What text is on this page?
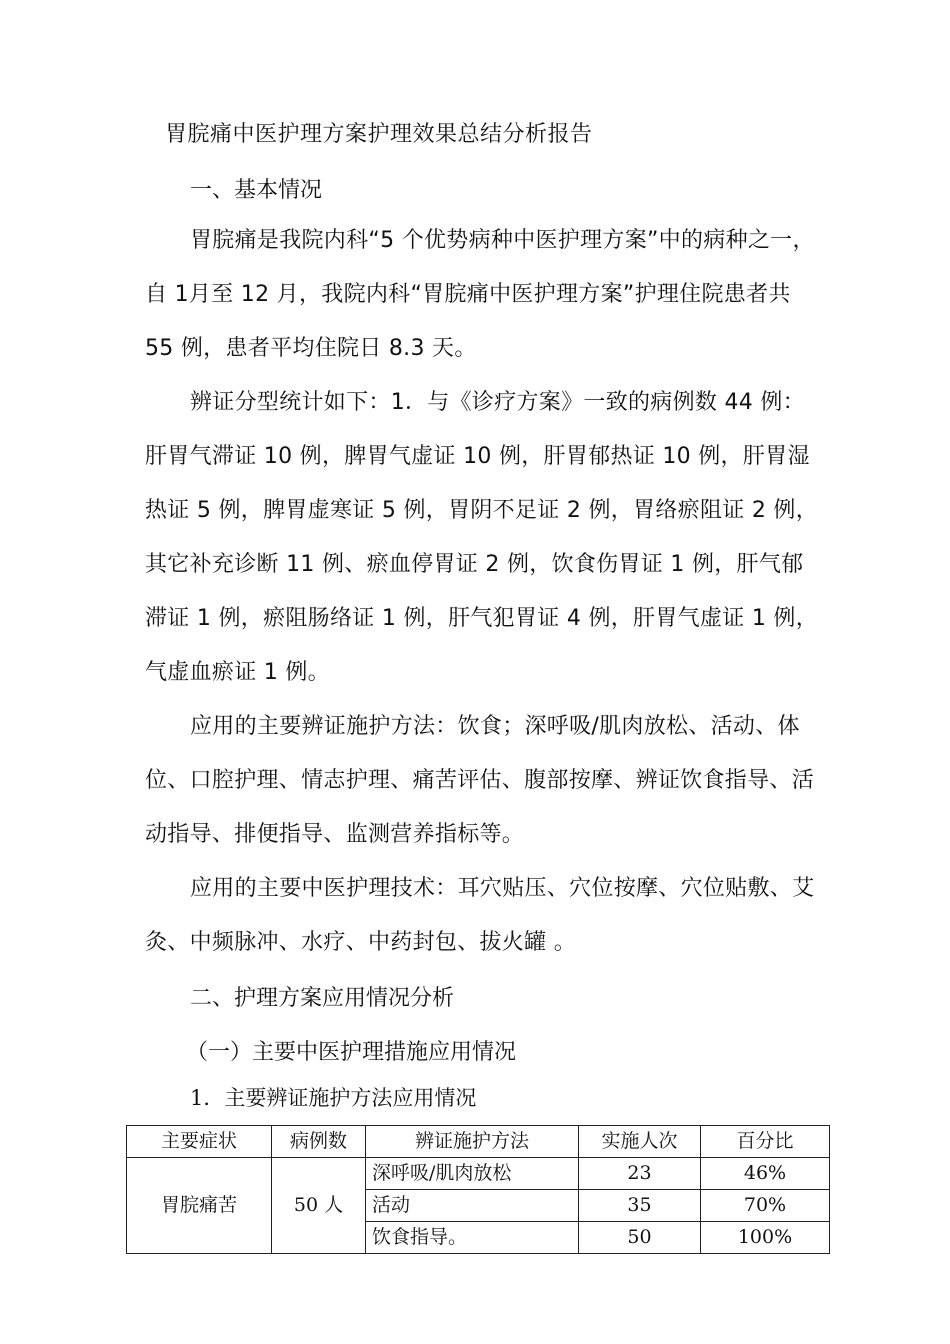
胃脘痛中医护理方案护理效果总结分析报告
一、基本情况

胃脘痛是我院内科“5 个优势病种中医护理方案”中的病种之一，自 1月至 12 月，我院内科“胃脘痛中医护理方案”护理住院患者共 55 例，患者平均住院日 8.3 天。

辨证分型统计如下：1．与《诊疗方案》一致的病例数 44 例：肝胃气滞证 10 例，脾胃气虚证 10 例，肝胃郁热证 10 例，肝胃湿热证 5 例，脾胃虚寒证 5 例，胃阴不足证 2 例，胃络瘀阻证 2 例，其它补充诊断 11 例、瘀血停胃证 2 例，饮食伤胃证 1 例，肝气郁滞证 1 例，瘀阻肠络证 1 例，肝气犯胃证 4 例，肝胃气虚证 1 例，气虚血瘀证 1 例。

应用的主要辨证施护方法：饮食；深呼吸/肌肉放松、活动、体位、口腔护理、情志护理、痛苦评估、腹部按摩、辨证饮食指导、活动指导、排便指导、监测营养指标等。

应用的主要中医护理技术：耳穴贴压、穴位按摩、穴位贴敷、艾灸、中频脉冲、水疗、中药封包、拔火罐 。

二、护理方案应用情况分析
（一）主要中医护理措施应用情况
1．主要辨证施护方法应用情况
主要症状	病例数	辨证施护方法	实施人次	百分比
胃脘痛苦	50 人	深呼吸/肌肉放松	23	46%
		活动	35	70%
		饮食指导。	50	100%
